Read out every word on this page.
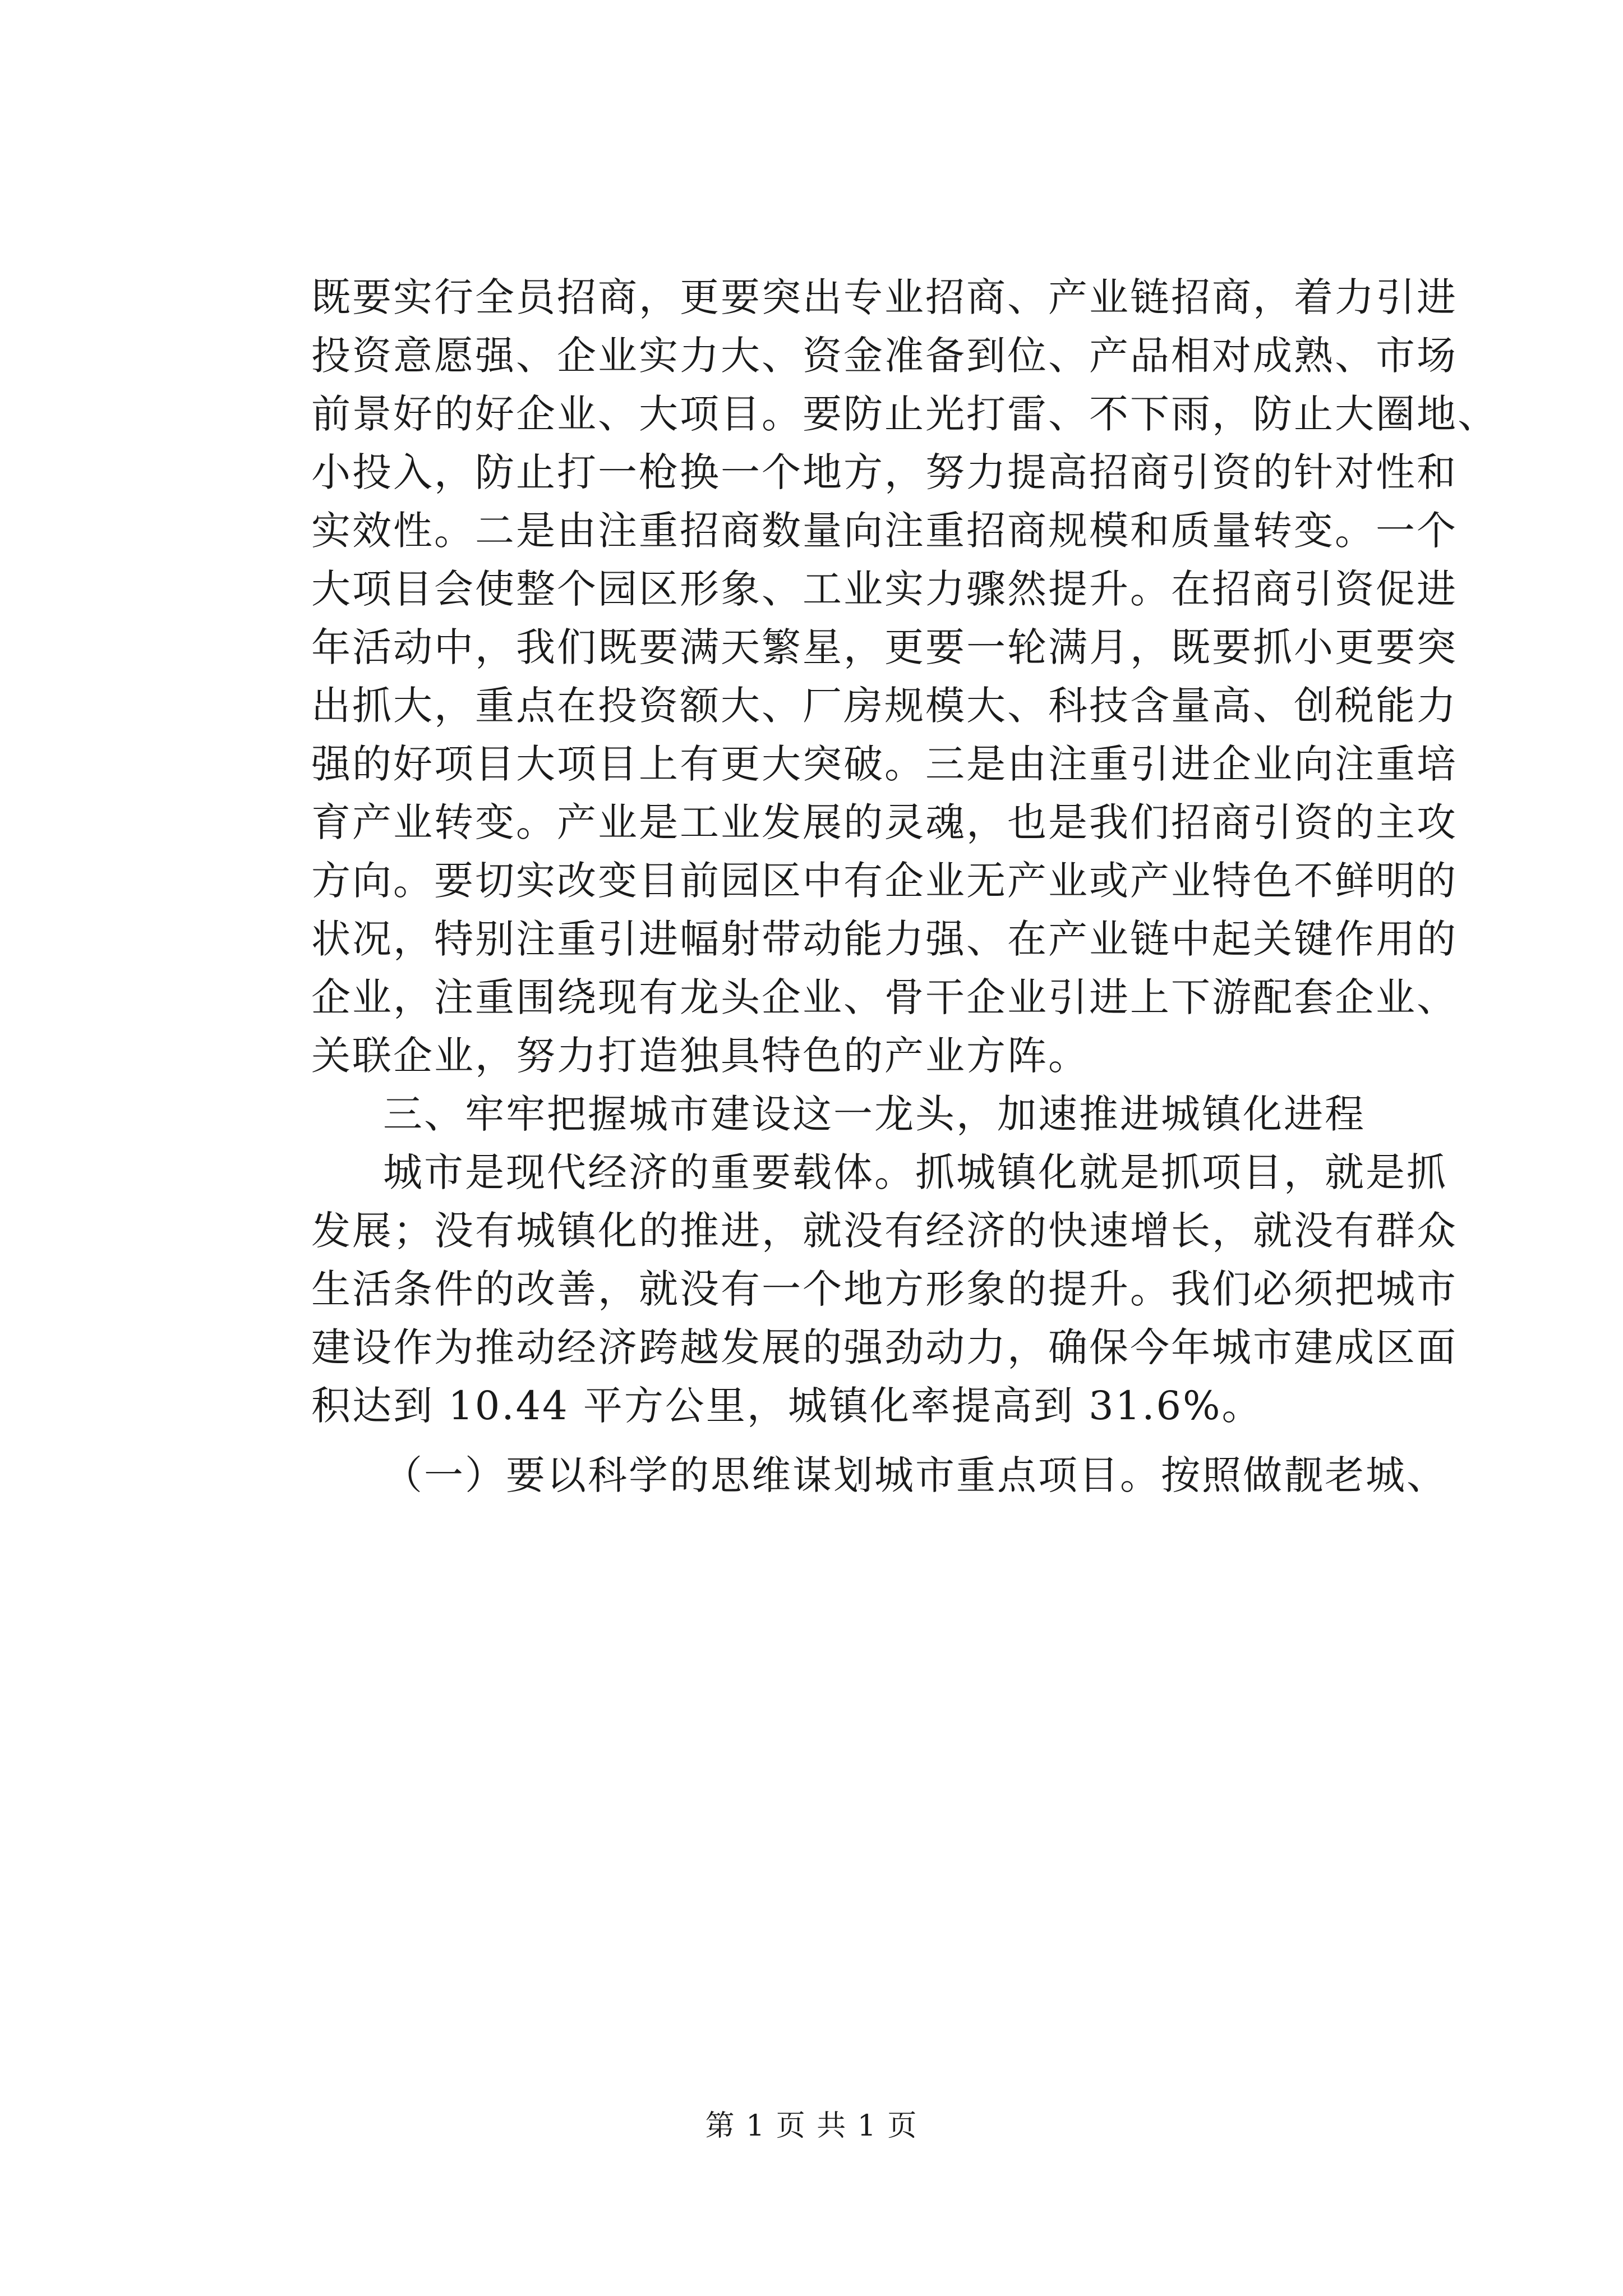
既要实行全员招商，更要突出专业招商、产业链招商，着力引进
投资意愿强、企业实力大、资金准备到位、产品相对成熟、市场
前景好的好企业、大项目。要防止光打雷、不下雨，防止大圈地、
小投入，防止打一枪换一个地方，努力提高招商引资的针对性和
实效性。二是由注重招商数量向注重招商规模和质量转变。一个
大项目会使整个园区形象、工业实力骤然提升。在招商引资促进
年活动中，我们既要满天繁星，更要一轮满月，既要抓小更要突
出抓大，重点在投资额大、厂房规模大、科技含量高、创税能力
强的好项目大项目上有更大突破。三是由注重引进企业向注重培
育产业转变。产业是工业发展的灵魂，也是我们招商引资的主攻
方向。要切实改变目前园区中有企业无产业或产业特色不鲜明的
状况，特别注重引进幅射带动能力强、在产业链中起关键作用的
企业，注重围绕现有龙头企业、骨干企业引进上下游配套企业、
关联企业，努力打造独具特色的产业方阵。
三、牢牢把握城市建设这一龙头，加速推进城镇化进程
城市是现代经济的重要载体。抓城镇化就是抓项目，就是抓
发展；没有城镇化的推进，就没有经济的快速增长，就没有群众
生活条件的改善，就没有一个地方形象的提升。我们必须把城市
建设作为推动经济跨越发展的强劲动力，确保今年城市建成区面
积达到 10.44 平方公里，城镇化率提高到 31.6%。
（一）要以科学的思维谋划城市重点项目。按照做靓老城、
第 1 页 共 1 页
